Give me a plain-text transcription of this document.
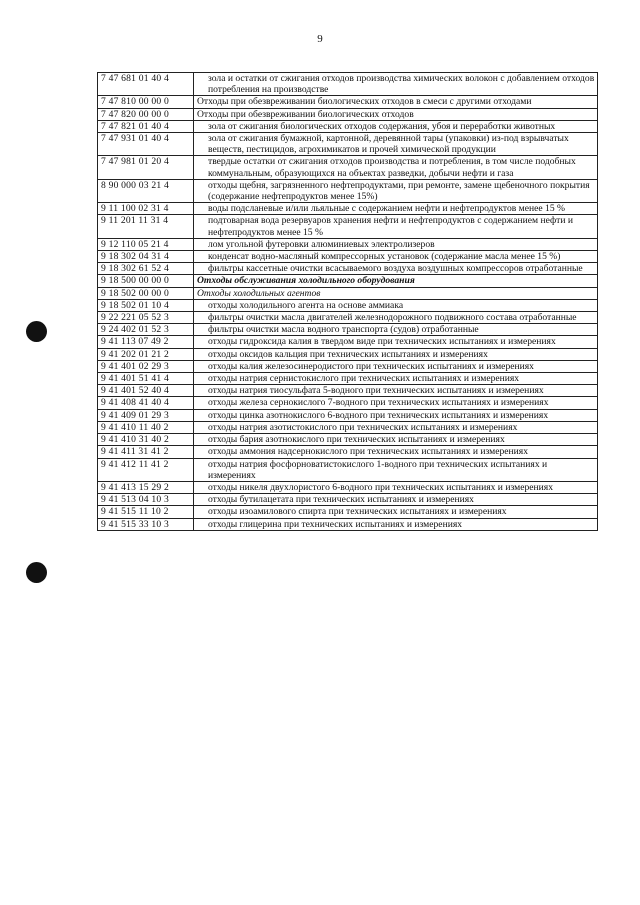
9
7 47 681 01 40 4	зола и остатки от сжигания отходов производства химических волокон с добавлением отходов потребления на производстве
7 47 810 00 00 0	Отходы при обезвреживании биологических отходов в смеси с другими отходами
7 47 820 00 00 0	Отходы при обезвреживании биологических отходов
7 47 821 01 40 4	зола от сжигания биологических отходов содержания, убоя и переработки животных
7 47 931 01 40 4	зола от сжигания бумажной, картонной, деревянной тары (упаковки) из-под взрывчатых веществ, пестицидов, агрохимикатов и прочей химической продукции
7 47 981 01 20 4	твердые остатки от сжигания отходов производства и потребления, в том числе подобных коммунальным, образующихся на объектах разведки, добычи нефти и газа
8 90 000 03 21 4	отходы щебня, загрязненного нефтепродуктами, при ремонте, замене щебеночного покрытия (содержание нефтепродуктов менее 15%)
9 11 100 02 31 4	воды подсланевые и/или льяльные с содержанием нефти и нефтепродуктов менее 15 %
9 11 201 11 31 4	подтоварная вода резервуаров хранения нефти и нефтепродуктов с содержанием нефти и нефтепродуктов менее 15 %
9 12 110 05 21 4	лом угольной футеровки алюминиевых электролизеров
9 18 302 04 31 4	конденсат водно-масляный компрессорных установок (содержание масла менее 15 %)
9 18 302 61 52 4	фильтры кассетные очистки всасываемого воздуха воздушных компрессоров отработанные
9 18 500 00 00 0	Отходы обслуживания холодильного оборудования
9 18 502 00 00 0	Отходы холодильных агентов
9 18 502 01 10 4	отходы холодильного агента на основе аммиака
9 22 221 05 52 3	фильтры очистки масла двигателей железнодорожного подвижного состава отработанные
9 24 402 01 52 3	фильтры очистки масла водного транспорта (судов) отработанные
9 41 113 07 49 2	отходы гидроксида калия в твердом виде при технических испытаниях и измерениях
9 41 202 01 21 2	отходы оксидов кальция при технических испытаниях и измерениях
9 41 401 02 29 3	отходы калия железосинеродистого при технических испытаниях и измерениях
9 41 401 51 41 4	отходы натрия сернистокислого при технических испытаниях и измерениях
9 41 401 52 40 4	отходы натрия тиосульфата 5-водного при технических испытаниях и измерениях
9 41 408 41 40 4	отходы железа сернокислого 7-водного при технических испытаниях и измерениях
9 41 409 01 29 3	отходы цинка азотнокислого 6-водного при технических испытаниях и измерениях
9 41 410 11 40 2	отходы натрия азотистокислого при технических испытаниях и измерениях
9 41 410 31 40 2	отходы бария азотнокислого при технических испытаниях и измерениях
9 41 411 31 41 2	отходы аммония надсернокислого при технических испытаниях и измерениях
9 41 412 11 41 2	отходы натрия фосфорноватистокислого 1-водного при технических испытаниях и измерениях
9 41 413 15 29 2	отходы никеля двухлористого 6-водного при технических испытаниях и измерениях
9 41 513 04 10 3	отходы бутилацетата при технических испытаниях и измерениях
9 41 515 11 10 2	отходы изоамилового спирта при технических испытаниях и измерениях
9 41 515 33 10 3	отходы глицерина при технических испытаниях и измерениях
